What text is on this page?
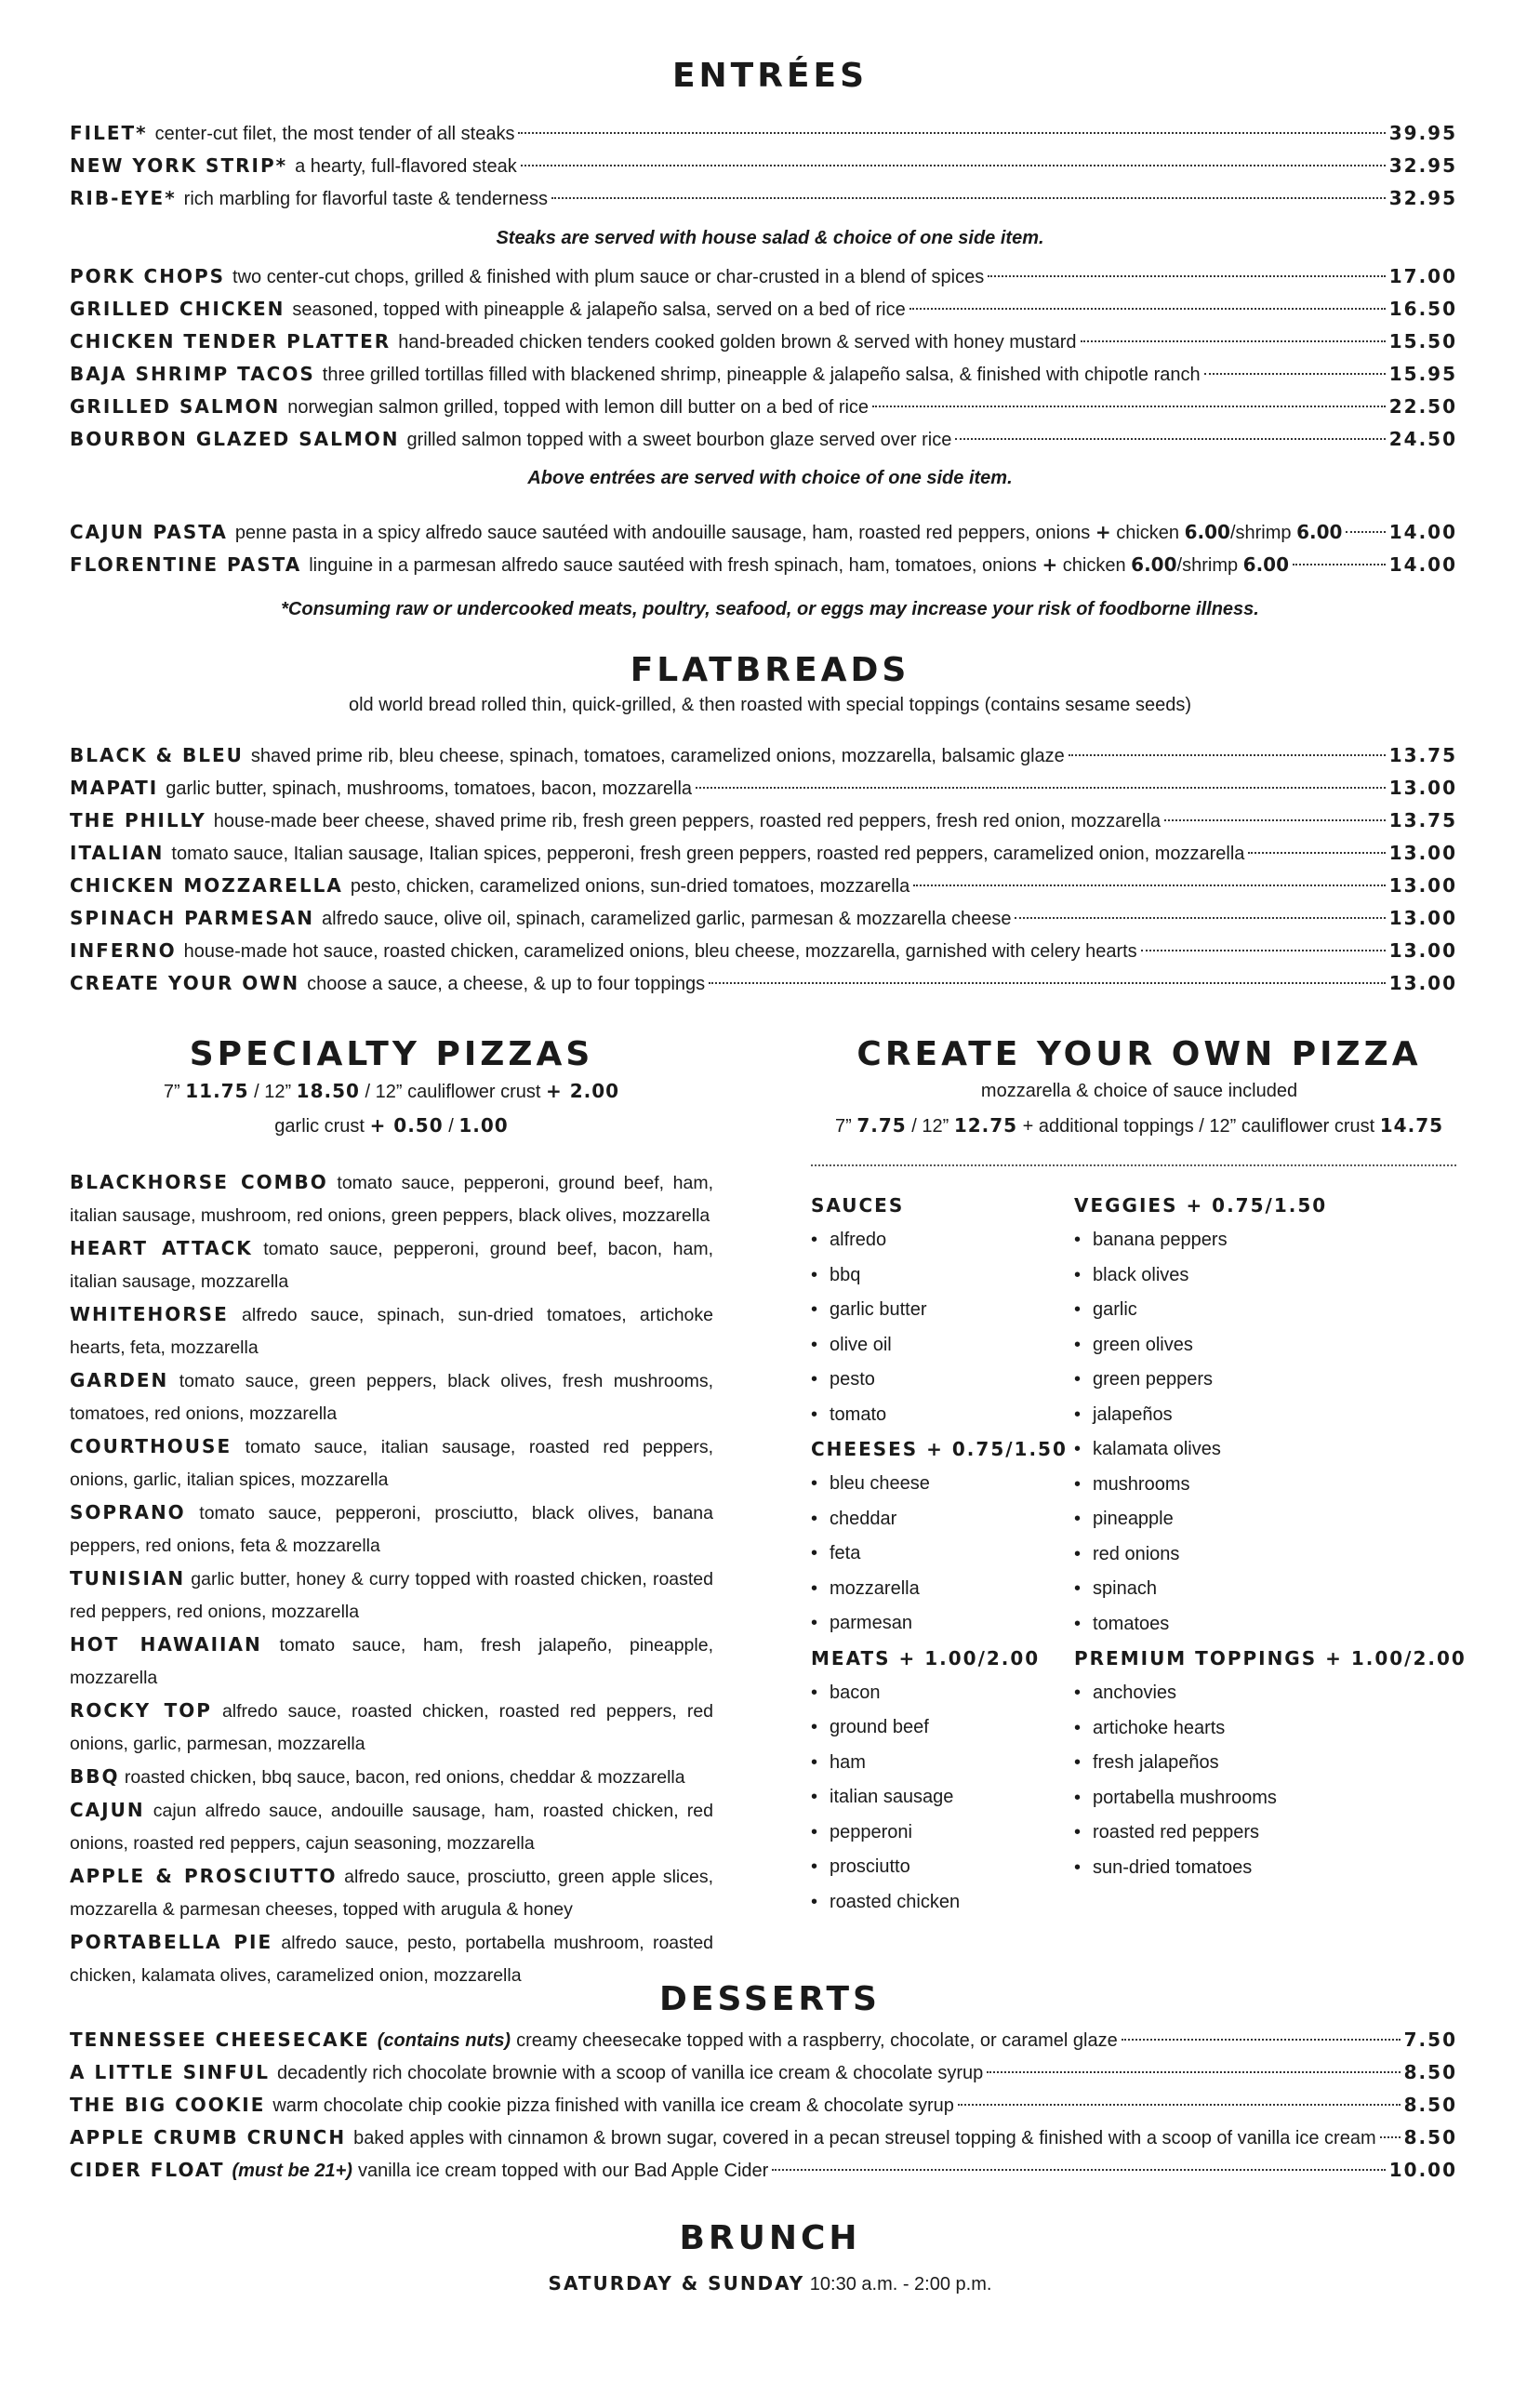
ENTRÉES
FILET* center-cut filet, the most tender of all steaks	39.95
NEW YORK STRIP* a hearty, full-flavored steak	32.95
RIB-EYE* rich marbling for flavorful taste & tenderness	32.95
Steaks are served with house salad & choice of one side item.
PORK CHOPS two center-cut chops, grilled & finished with plum sauce or char-crusted in a blend of spices	17.00
GRILLED CHICKEN seasoned, topped with pineapple & jalapeño salsa, served on a bed of rice	16.50
CHICKEN TENDER PLATTER hand-breaded chicken tenders cooked golden brown & served with honey mustard	15.50
BAJA SHRIMP TACOS three grilled tortillas filled with blackened shrimp, pineapple & jalapeño salsa, & finished with chipotle ranch	15.95
GRILLED SALMON norwegian salmon grilled, topped with lemon dill butter on a bed of rice	22.50
BOURBON GLAZED SALMON grilled salmon topped with a sweet bourbon glaze served over rice	24.50
Above entrées are served with choice of one side item.
CAJUN PASTA penne pasta in a spicy alfredo sauce sautéed with andouille sausage, ham, roasted red peppers, onions + chicken 6.00/shrimp 6.00	14.00
FLORENTINE PASTA linguine in a parmesan alfredo sauce sautéed with fresh spinach, ham, tomatoes, onions + chicken 6.00/shrimp 6.00	14.00
*Consuming raw or undercooked meats, poultry, seafood, or eggs may increase your risk of foodborne illness.
FLATBREADS
old world bread rolled thin, quick-grilled, & then roasted with special toppings (contains sesame seeds)
BLACK & BLEU shaved prime rib, bleu cheese, spinach, tomatoes, caramelized onions, mozzarella, balsamic glaze	13.75
MAPATI garlic butter, spinach, mushrooms, tomatoes, bacon, mozzarella	13.00
THE PHILLY house-made beer cheese, shaved prime rib, fresh green peppers, roasted red peppers, fresh red onion, mozzarella	13.75
ITALIAN tomato sauce, Italian sausage, Italian spices, pepperoni, fresh green peppers, roasted red peppers, caramelized onion, mozzarella	13.00
CHICKEN MOZZARELLA pesto, chicken, caramelized onions, sun-dried tomatoes, mozzarella	13.00
SPINACH PARMESAN alfredo sauce, olive oil, spinach, caramelized garlic, parmesan & mozzarella cheese	13.00
INFERNO house-made hot sauce, roasted chicken, caramelized onions, bleu cheese, mozzarella, garnished with celery hearts	13.00
CREATE YOUR OWN choose a sauce, a cheese, & up to four toppings	13.00
SPECIALTY PIZZAS
7” 11.75 / 12” 18.50 / 12” cauliflower crust + 2.00
garlic crust + 0.50 / 1.00
BLACKHORSE COMBO tomato sauce, pepperoni, ground beef, ham, italian sausage, mushroom, red onions, green peppers, black olives, mozzarella
HEART ATTACK tomato sauce, pepperoni, ground beef, bacon, ham, italian sausage, mozzarella
WHITEHORSE alfredo sauce, spinach, sun-dried tomatoes, artichoke hearts, feta, mozzarella
GARDEN tomato sauce, green peppers, black olives, fresh mushrooms, tomatoes, red onions, mozzarella
COURTHOUSE tomato sauce, italian sausage, roasted red peppers, onions, garlic, italian spices, mozzarella
SOPRANO tomato sauce, pepperoni, prosciutto, black olives, banana peppers, red onions, feta & mozzarella
TUNISIAN garlic butter, honey & curry topped with roasted chicken, roasted red peppers, red onions, mozzarella
HOT HAWAIIAN tomato sauce, ham, fresh jalapeño, pineapple, mozzarella
ROCKY TOP alfredo sauce, roasted chicken, roasted red peppers, red onions, garlic, parmesan, mozzarella
BBQ roasted chicken, bbq sauce, bacon, red onions, cheddar & mozzarella
CAJUN cajun alfredo sauce, andouille sausage, ham, roasted chicken, red onions, roasted red peppers, cajun seasoning, mozzarella
APPLE & PROSCIUTTO alfredo sauce, prosciutto, green apple slices, mozzarella & parmesan cheeses, topped with arugula & honey
PORTABELLA PIE alfredo sauce, pesto, portabella mushroom, roasted chicken, kalamata olives, caramelized onion, mozzarella
CREATE YOUR OWN PIZZA
mozzarella & choice of sauce included
7” 7.75 / 12” 12.75 + additional toppings / 12” cauliflower crust 14.75
SAUCES
• alfredo
• bbq
• garlic butter
• olive oil
• pesto
• tomato
CHEESES + 0.75/1.50
• bleu cheese
• cheddar
• feta
• mozzarella
• parmesan
MEATS + 1.00/2.00
• bacon
• ground beef
• ham
• italian sausage
• pepperoni
• prosciutto
• roasted chicken
VEGGIES + 0.75/1.50
• banana peppers
• black olives
• garlic
• green olives
• green peppers
• jalapeños
• kalamata olives
• mushrooms
• pineapple
• red onions
• spinach
• tomatoes
PREMIUM TOPPINGS + 1.00/2.00
• anchovies
• artichoke hearts
• fresh jalapeños
• portabella mushrooms
• roasted red peppers
• sun-dried tomatoes
DESSERTS
TENNESSEE CHEESECAKE (contains nuts) creamy cheesecake topped with a raspberry, chocolate, or caramel glaze	7.50
A LITTLE SINFUL decadently rich chocolate brownie with a scoop of vanilla ice cream & chocolate syrup	8.50
THE BIG COOKIE warm chocolate chip cookie pizza finished with vanilla ice cream & chocolate syrup	8.50
APPLE CRUMB CRUNCH baked apples with cinnamon & brown sugar, covered in a pecan streusel topping & finished with a scoop of vanilla ice cream 8.50
CIDER FLOAT (must be 21+) vanilla ice cream topped with our Bad Apple Cider	10.00
BRUNCH
SATURDAY & SUNDAY 10:30 a.m. - 2:00 p.m.
